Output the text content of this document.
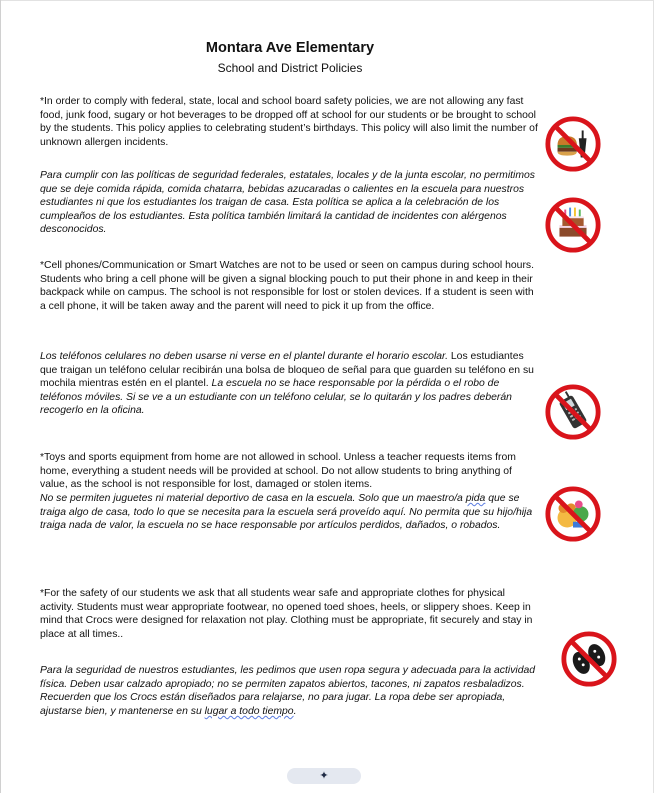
Montara Ave Elementary
School and District Policies

*In order to comply with federal, state, local and school board safety policies, we are not allowing any fast food, junk food, sugary or hot beverages to be dropped off at school for our students or be brought to school by the students. This policy applies to celebrating student’s birthdays. This policy will also limit the number of unknown allergen incidents.

Para cumplir con las políticas de seguridad federales, estatales, locales y de la junta escolar, no permitimos que se deje comida rápida, comida chatarra, bebidas azucaradas o calientes en la escuela para nuestros estudiantes ni que los estudiantes los traigan de casa. Esta política se aplica a la celebración de los cumpleaños de los estudiantes. Esta política también limitará la cantidad de incidentes con alérgenos desconocidos.

*Cell phones/Communication or Smart Watches are not to be used or seen on campus during school hours. Students who bring a cell phone will be given a signal blocking pouch to put their phone in and keep in their backpack while on campus. The school is not responsible for lost or stolen devices. If a student is seen with a cell phone, it will be taken away and the parent will need to pick it up from the office.

Los teléfonos celulares no deben usarse ni verse en el plantel durante el horario escolar. Los estudiantes que traigan un teléfono celular recibirán una bolsa de bloqueo de señal para que guarden su teléfono en su mochila mientras estén en el plantel. La escuela no se hace responsable por la pérdida o el robo de teléfonos móviles. Si se ve a un estudiante con un teléfono celular, se lo quitarán y los padres deberán recogerlo en la oficina.

*Toys and sports equipment from home are not allowed in school. Unless a teacher requests items from home, everything a student needs will be provided at school. Do not allow students to bring anything of value, as the school is not responsible for lost, damaged or stolen items.

No se permiten juguetes ni material deportivo de casa en la escuela. Solo que un maestro/a pida que se traiga algo de casa, todo lo que se necesita para la escuela será proveído aquí. No permita que su hijo/hija traiga nada de valor, la escuela no se hace responsable por artículos perdidos, dañados, o robados.

*For the safety of our students we ask that all students wear safe and appropriate clothes for physical activity. Students must wear appropriate footwear, no opened toed shoes, heels, or slippery shoes. Keep in mind that Crocs were designed for relaxation not play. Clothing must be appropriate, fit securely and stay in place at all times..

Para la seguridad de nuestros estudiantes, les pedimos que usen ropa segura y adecuada para la actividad física. Deben usar calzado apropiado; no se permiten zapatos abiertos, tacones, ni zapatos resbaladizos. Recuerden que los Crocs están diseñados para relajarse, no para jugar. La ropa debe ser apropiada, ajustarse bien, y mantenerse en su lugar a todo tiempo.

✦
